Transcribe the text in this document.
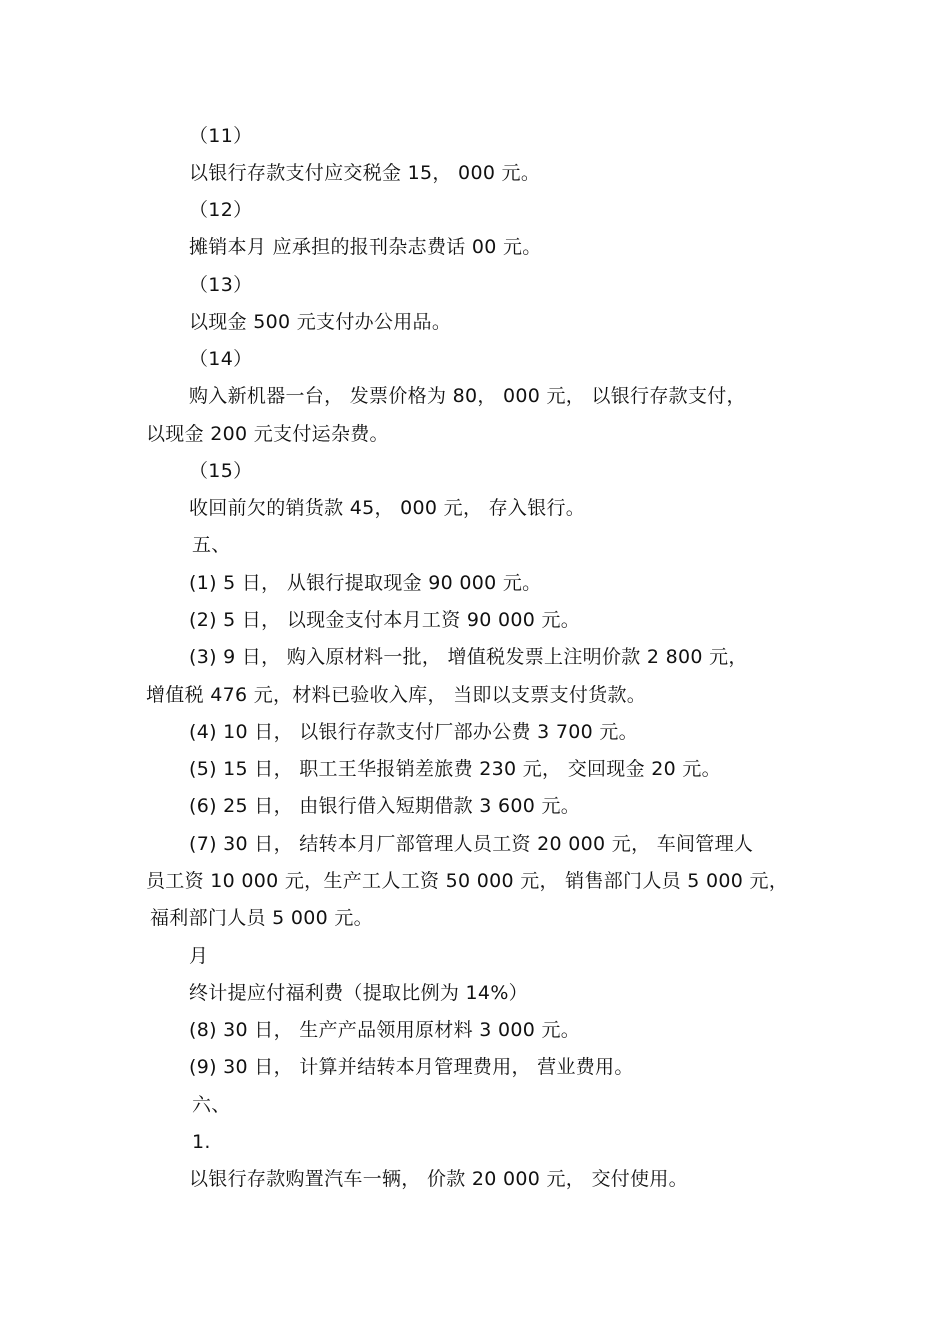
（11）
以银行存款支付应交税金 15， 000 元。
（12）
摊销本月 应承担的报刊杂志费话 00 元。
（13）
以现金 500 元支付办公用品。
（14）
购入新机器一台， 发票价格为 80， 000 元， 以银行存款支付，
以现金 200 元支付运杂费。
（15）
收回前欠的销货款 45， 000 元， 存入银行。
五、
(1) 5 日， 从银行提取现金 90 000 元。
(2) 5 日， 以现金支付本月工资 90 000 元。
(3) 9 日， 购入原材料一批， 增值税发票上注明价款 2 800 元，
增值税 476 元，材料已验收入库， 当即以支票支付货款。
(4) 10 日， 以银行存款支付厂部办公费 3 700 元。
(5) 15 日， 职工王华报销差旅费 230 元， 交回现金 20 元。
(6) 25 日， 由银行借入短期借款 3 600 元。
(7) 30 日， 结转本月厂部管理人员工资 20 000 元， 车间管理人
员工资 10 000 元，生产工人工资 50 000 元， 销售部门人员 5 000 元，
福利部门人员 5 000 元。
月
终计提应付福利费（提取比例为 14%）
(8) 30 日， 生产产品领用原材料 3 000 元。
(9) 30 日， 计算并结转本月管理费用， 营业费用。
六、
1.
以银行存款购置汽车一辆， 价款 20 000 元， 交付使用。
